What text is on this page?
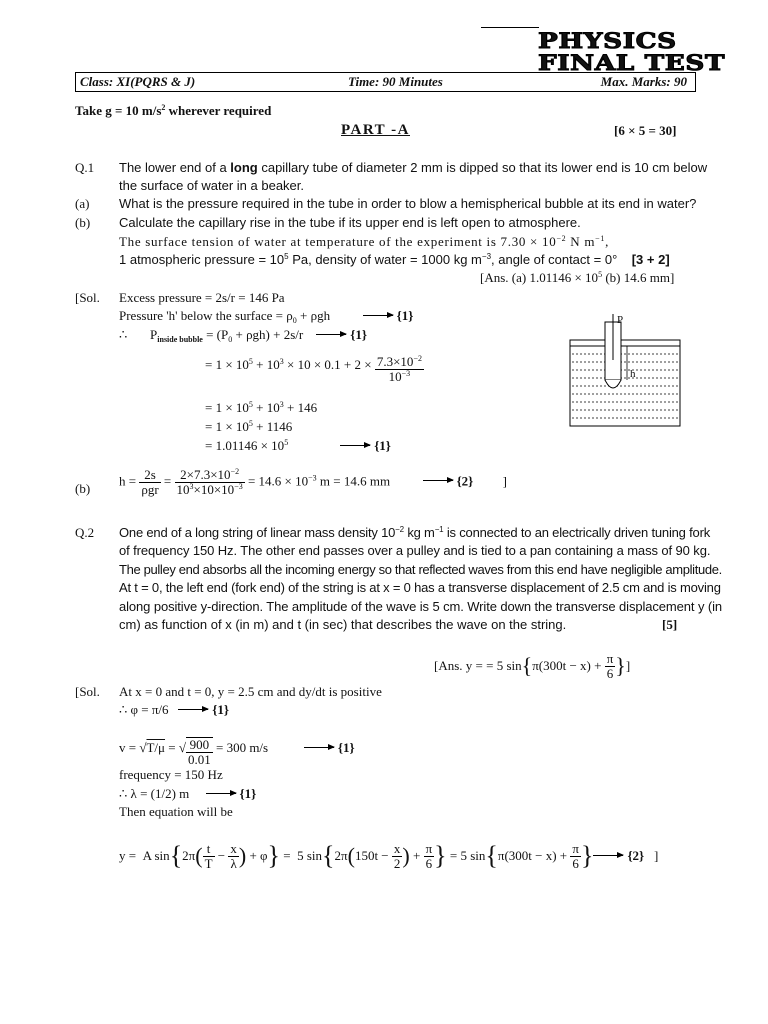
PHYSICS
FINAL TEST
Class: XI(PQRS & J)	Time: 90 Minutes	Max. Marks: 90
Take g = 10 $m/s^2$ wherever required
PART -A	[6 × 5 = 30]
Q.1 The lower end of a long capillary tube of diameter 2 mm is dipped so that its lower end is 10 cm below
the surface of water in a beaker.
(a) What is the pressure required in the tube in order to blow a hemispherical bubble at its end in water?
(b) Calculate the capillary rise in the tube if its upper end is left open to atmosphere.
The surface tension of water at temperature of the experiment is $7.30 \times 10^{-2}$ N $m^{-1}$,
1 atmospheric pressure = $10^5$ Pa, density of water = 1000 kg $m^{-3}$, angle of contact = 0°    [3 + 2]
[Ans. (a) $1.01146 \times 10^5$ (b) 14.6 mm]
[Sol. Excess pressure = 2s/r = 146 Pa
Pressure 'h' below the surface = $\rho_0 + \rho gh$	{1}
∴       $P_{inside bubble} = (P_0 + \rho gh) + 2s/r$	{1}
= $1 \times 10^5 + 10^3 \times 10 \times 0.1 + 2 \times \frac{7.3\times 10^{-2}}{10^{-3}}$
= $1 \times 10^5 + 10^3 + 146$
= $1 \times 10^5 + 1146$
= $1.01146 \times 10^5$	{1}
P
h
(b)
$h = \frac{2s}{\text{ρgr}} = \frac{2\times 7.3\times 10^{-2}}{10^3\times 10\times 10^{-3}} = 14.6 \times 10^{-3}$ m = 14.6 mm	{2} ]
Q.2 One end of a long string of linear mass density $10^{-2}$ kg $m^{-1}$ is connected to an electrically driven tuning fork
of frequency 150 Hz. The other end passes over a pulley and is tied to a pan containing a mass of 90 kg.
The pulley end absorbs all the incoming energy so that reflected waves from this end have negligible amplitude.
At t = 0, the left end (fork end) of the string is at x = 0 has a transverse displacement of 2.5 cm and is moving
along positive y-direction. The amplitude of the wave is 5 cm. Write down the transverse displacement y (in
cm) as function of x (in m) and t (in sec) that describes the wave on the string.	[5]
[Ans. y = = 5 $\sin\{\pi(300t - x) + \frac{\pi}{6}$ }]
[Sol. At x = 0 and t = 0, y = 2.5 cm and dy/dt is positive
∴ φ = π/6	{1}
v = √T/μ = √ $\frac{900}{0.01} = 300$ m/s	{1}
frequency = 150 Hz
∴ λ = (1/2) m	{1}
Then equation will be
y =  A $\sin\{2\pi( \frac{t}{T} - \frac{x}{\lambda}$ ) + φ} =  5 $\sin\{2\pi(150t - \frac{x}{2}$ ) + $\frac{\pi}{6}$ } = 5 $\sin\{\pi(300t - x) + \frac{\pi}{6}$ }	{2} ]
